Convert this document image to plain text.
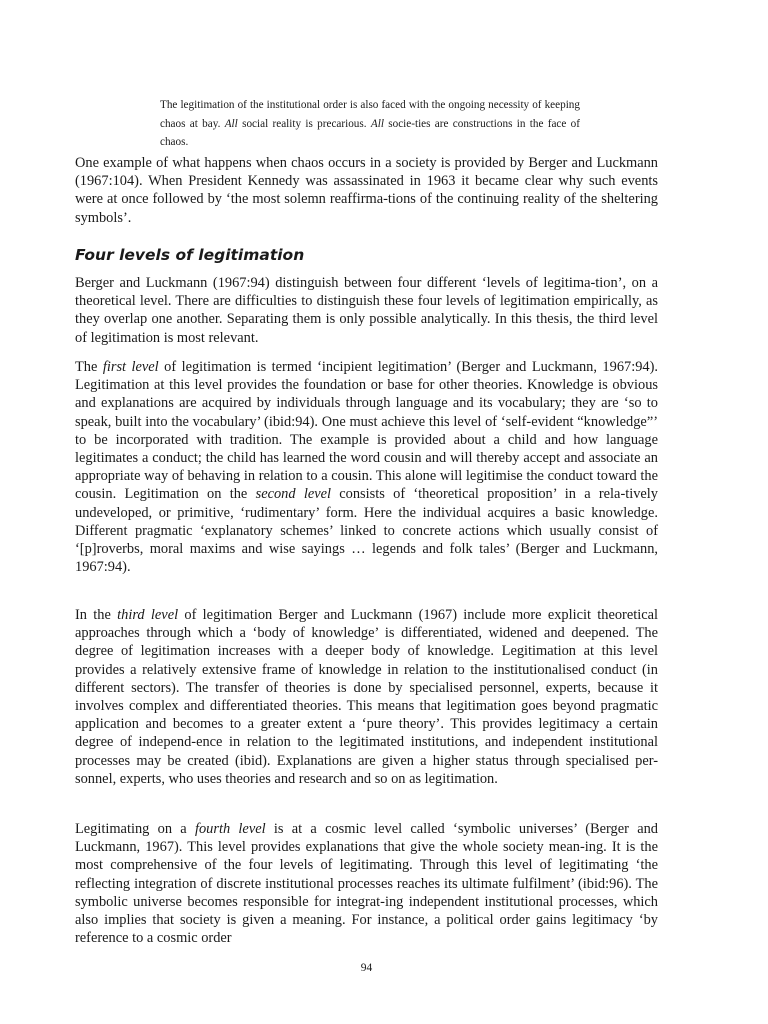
The legitimation of the institutional order is also faced with the ongoing necessity of keeping chaos at bay. All social reality is precarious. All socie-ties are constructions in the face of chaos.
One example of what happens when chaos occurs in a society is provided by Berger and Luckmann (1967:104). When President Kennedy was assassinated in 1963 it became clear why such events were at once followed by ‘the most solemn reaffirma-tions of the continuing reality of the sheltering symbols’.
Four levels of legitimation
Berger and Luckmann (1967:94) distinguish between four different ‘levels of legitima-tion’, on a theoretical level. There are difficulties to distinguish these four levels of legitimation empirically, as they overlap one another. Separating them is only possible analytically. In this thesis, the third level of legitimation is most relevant.
The first level of legitimation is termed ‘incipient legitimation’ (Berger and Luckmann, 1967:94). Legitimation at this level provides the foundation or base for other theories. Knowledge is obvious and explanations are acquired by individuals through language and its vocabulary; they are ‘so to speak, built into the vocabulary’ (ibid:94). One must achieve this level of ‘self-evident “knowledge”’ to be incorporated with tradition. The example is provided about a child and how language legitimates a conduct; the child has learned the word cousin and will thereby accept and associate an appropriate way of behaving in relation to a cousin. This alone will legitimise the conduct toward the cousin. Legitimation on the second level consists of ‘theoretical proposition’ in a rela-tively undeveloped, or primitive, ‘rudimentary’ form. Here the individual acquires a basic knowledge. Different pragmatic ‘explanatory schemes’ linked to concrete actions which usually consist of ‘[p]roverbs, moral maxims and wise sayings … legends and folk tales’ (Berger and Luckmann, 1967:94).
In the third level of legitimation Berger and Luckmann (1967) include more explicit theoretical approaches through which a ‘body of knowledge’ is differentiated, widened and deepened. The degree of legitimation increases with a deeper body of knowledge. Legitimation at this level provides a relatively extensive frame of knowledge in relation to the institutionalised conduct (in different sectors). The transfer of theories is done by specialised personnel, experts, because it involves complex and differentiated theories. This means that legitimation goes beyond pragmatic application and becomes to a greater extent a ‘pure theory’. This provides legitimacy a certain degree of independ-ence in relation to the legitimated institutions, and independent institutional processes may be created (ibid). Explanations are given a higher status through specialised per-sonnel, experts, who uses theories and research and so on as legitimation.
Legitimating on a fourth level is at a cosmic level called ‘symbolic universes’ (Berger and Luckmann, 1967). This level provides explanations that give the whole society mean-ing. It is the most comprehensive of the four levels of legitimating. Through this level of legitimating ‘the reflecting integration of discrete institutional processes reaches its ultimate fulfilment’ (ibid:96). The symbolic universe becomes responsible for integrat-ing independent institutional processes, which also implies that society is given a meaning. For instance, a political order gains legitimacy ‘by reference to a cosmic order
94
